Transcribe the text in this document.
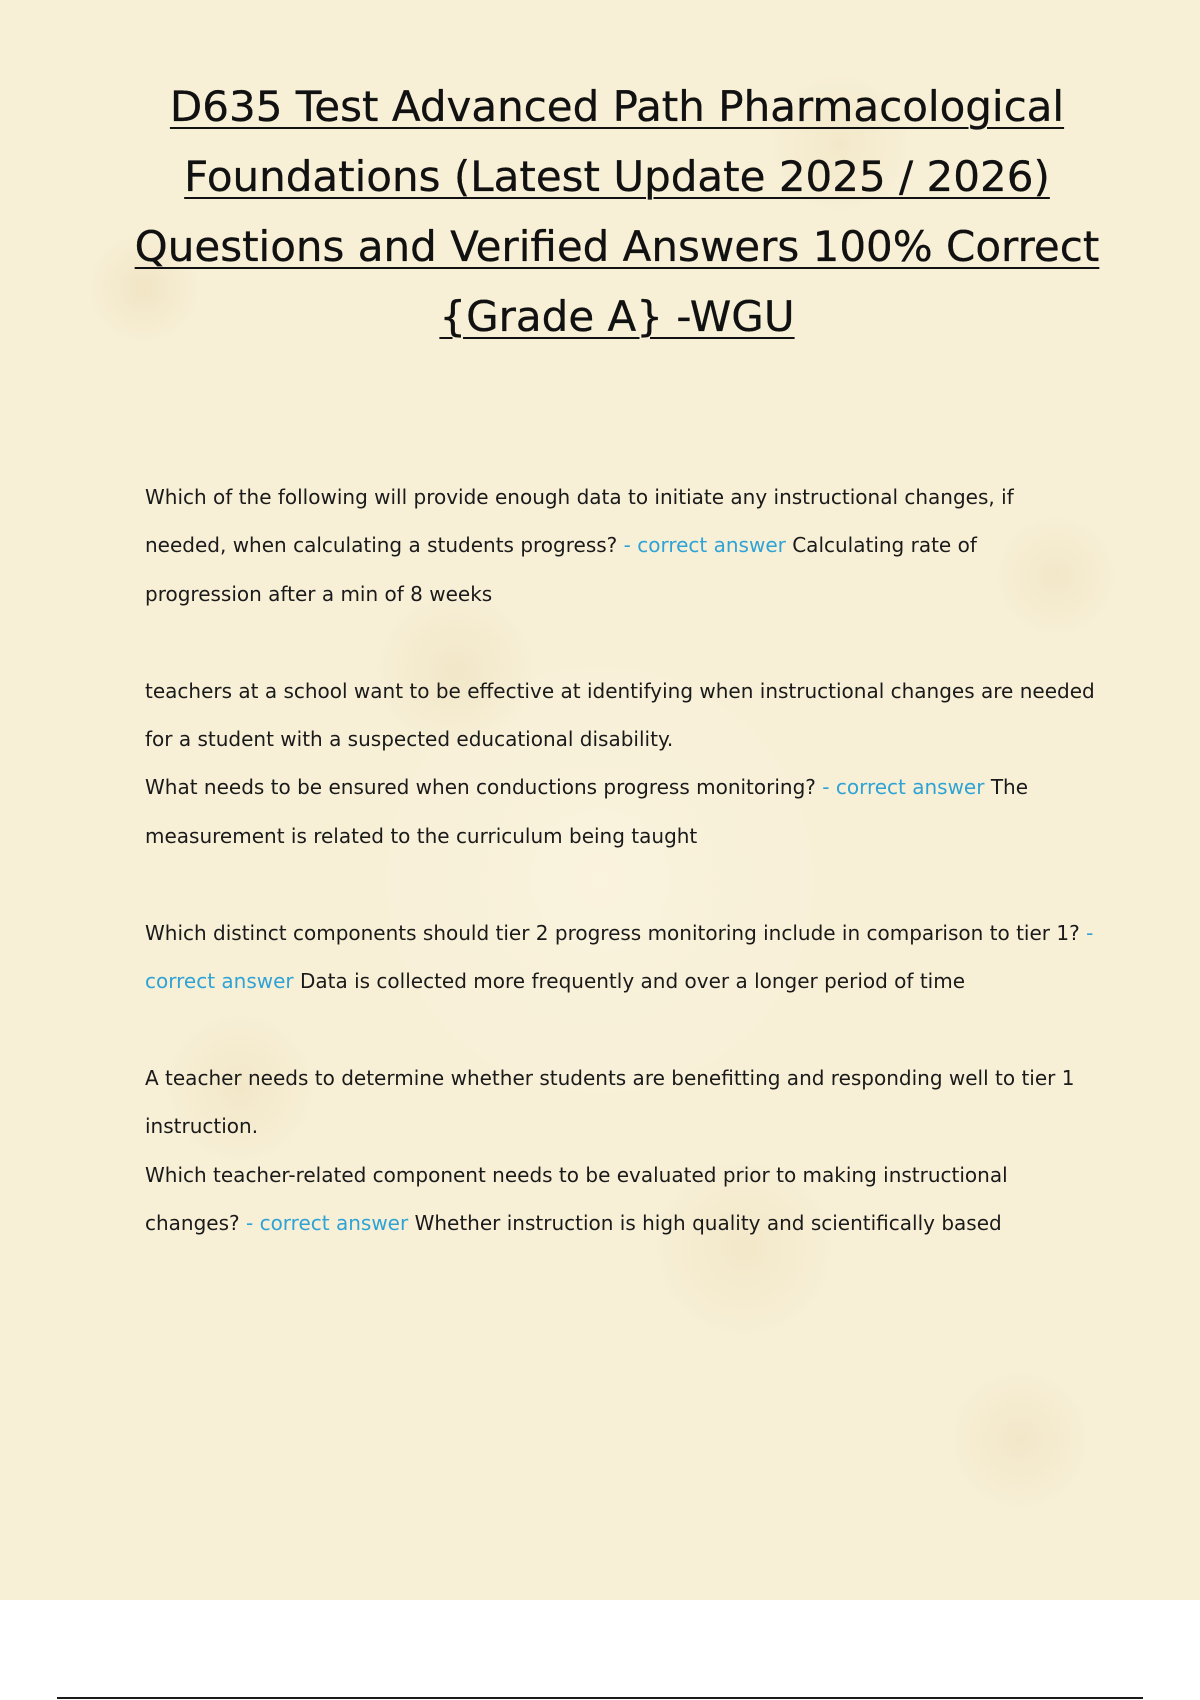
D635 Test Advanced Path Pharmacological Foundations (Latest Update 2025 / 2026) Questions and Verified Answers 100% Correct {Grade A} -WGU

Which of the following will provide enough data to initiate any instructional changes, if needed, when calculating a students progress? - correct answer Calculating rate of progression after a min of 8 weeks

teachers at a school want to be effective at identifying when instructional changes are needed for a student with a suspected educational disability.

What needs to be ensured when conductions progress monitoring? - correct answer The measurement is related to the curriculum being taught

Which distinct components should tier 2 progress monitoring include in comparison to tier 1? - correct answer Data is collected more frequently and over a longer period of time

A teacher needs to determine whether students are benefitting and responding well to tier 1 instruction.

Which teacher-related component needs to be evaluated prior to making instructional changes? - correct answer Whether instruction is high quality and scientifically based
